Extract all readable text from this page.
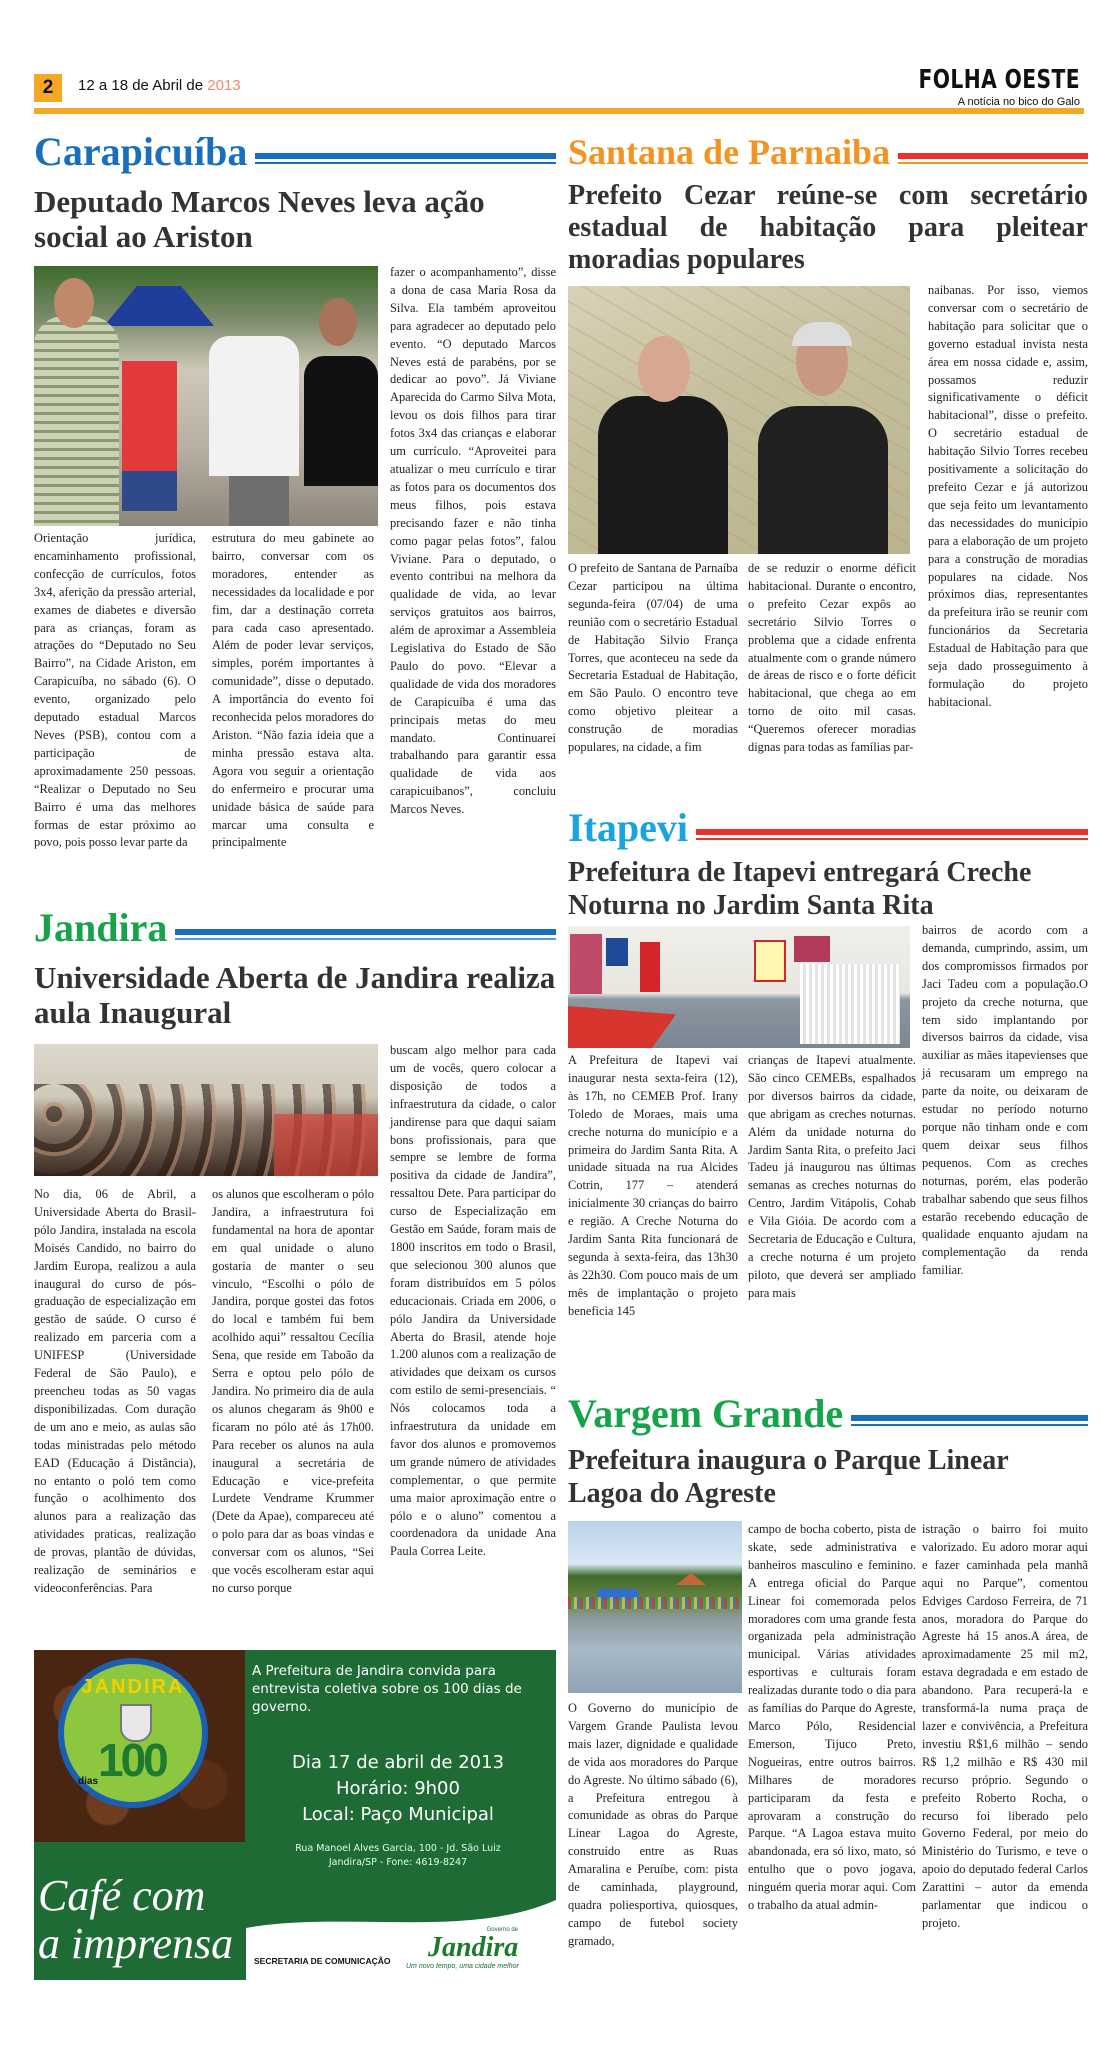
2	12 a 18 de Abril de 2013	FOLHA OESTE
A notícia no bico do Galo
Carapicuíba
Deputado Marcos Neves leva ação social ao Ariston
Orientação jurídica, encaminhamento profissional, confecção de currículos, fotos 3x4, aferição da pressão arterial, exames de diabetes e diversão para as crianças, foram as atrações do “Deputado no Seu Bairro”, na Cidade Ariston, em Carapicuíba, no sábado (6). O evento, organizado pelo deputado estadual Marcos Neves (PSB), contou com a participação de aproximadamente 250 pessoas. “Realizar o Deputado no Seu Bairro é uma das melhores formas de estar próximo ao povo, pois posso levar parte da
estrutura do meu gabinete ao bairro, conversar com os moradores, entender as necessidades da localidade e por fim, dar a destinação correta para cada caso apresentado. Além de poder levar serviços, simples, porém importantes à comunidade”, disse o deputado. A importância do evento foi reconhecida pelos moradores do Ariston. “Não fazia ideia que a minha pressão estava alta. Agora vou seguir a orientação do enfermeiro e procurar uma unidade básica de saúde para marcar uma consulta e principalmente
fazer o acompanhamento”, disse a dona de casa Maria Rosa da Silva. Ela também aproveitou para agradecer ao deputado pelo evento. “O deputado Marcos Neves está de parabéns, por se dedicar ao povo”. Já Viviane Aparecida do Carmo Silva Mota, levou os dois filhos para tirar fotos 3x4 das crianças e elaborar um currículo. “Aproveitei para atualizar o meu currículo e tirar as fotos para os documentos dos meus filhos, pois estava precisando fazer e não tinha como pagar pelas fotos”, falou Viviane. Para o deputado, o evento contribui na melhora da qualidade de vida, ao levar serviços gratuitos aos bairros, além de aproximar a Assembleia Legislativa do Estado de São Paulo do povo. “Elevar a qualidade de vida dos moradores de Carapicuíba é uma das principais metas do meu mandato. Continuarei trabalhando para garantir essa qualidade de vida aos carapicuibanos”, concluiu Marcos Neves.
Santana de Parnaiba
Prefeito Cezar reúne-se com secretário estadual de habitação para pleitear moradias populares
O prefeito de Santana de Parnaíba Cezar participou na última segunda-feira (07/04) de uma reunião com o secretário Estadual de Habitação Silvio França Torres, que aconteceu na sede da Secretaria Estadual de Habitação, em São Paulo. O encontro teve como objetivo pleitear a construção de moradias populares, na cidade, a fim
de se reduzir o enorme déficit habitacional. Durante o encontro, o prefeito Cezar expôs ao secretário Silvio Torres o problema que a cidade enfrenta atualmente com o grande número de áreas de risco e o forte déficit habitacional, que chega ao em torno de oito mil casas. “Queremos oferecer moradias dignas para todas as famílias par-
naibanas. Por isso, viemos conversar com o secretário de habitação para solicitar que o governo estadual invista nesta área em nossa cidade e, assim, possamos reduzir significativamente o déficit habitacional”, disse o prefeito. O secretário estadual de habitação Silvio Torres recebeu positivamente a solicitação do prefeito Cezar e já autorizou que seja feito um levantamento das necessidades do município para a elaboração de um projeto para a construção de moradias populares na cidade. Nos próximos dias, representantes da prefeitura irão se reunir com funcionários da Secretaria Estadual de Habitação para que seja dado prosseguimento à formulação do projeto habitacional.
Itapevi
Prefeitura de Itapevi entregará Creche Noturna no Jardim Santa Rita
A Prefeitura de Itapevi vai inaugurar nesta sexta-feira (12), às 17h, no CEMEB Prof. Irany Toledo de Moraes, mais uma creche noturna do município e a primeira do Jardim Santa Rita. A unidade situada na rua Alcides Cotrin, 177 – atenderá inicialmente 30 crianças do bairro e região. A Creche Noturna do Jardim Santa Rita funcionará de segunda à sexta-feira, das 13h30 às 22h30. Com pouco mais de um mês de implantação o projeto beneficia 145
crianças de Itapevi atualmente. São cinco CEMEBs, espalhados por diversos bairros da cidade, que abrigam as creches noturnas. Além da unidade noturna do Jardim Santa Rita, o prefeito Jaci Tadeu já inaugurou nas últimas semanas as creches noturnas do Centro, Jardim Vitápolis, Cohab e Vila Gióia. De acordo com a Secretaria de Educação e Cultura, a creche noturna é um projeto piloto, que deverá ser ampliado para mais
bairros de acordo com a demanda, cumprindo, assim, um dos compromissos firmados por Jaci Tadeu com a população.O projeto da creche noturna, que tem sido implantando por diversos bairros da cidade, visa auxiliar as mães itapevienses que já recusaram um emprego na parte da noite, ou deixaram de estudar no período noturno porque não tinham onde e com quem deixar seus filhos pequenos. Com as creches noturnas, porém, elas poderão trabalhar sabendo que seus filhos estarão recebendo educação de qualidade enquanto ajudam na complementação da renda familiar.
Jandira
Universidade Aberta de Jandira realiza aula Inaugural
No dia, 06 de Abril, a Universidade Aberta do Brasil-pólo Jandira, instalada na escola Moisés Candido, no bairro do Jardim Europa, realizou a aula inaugural do curso de pós-graduação de especialização em gestão de saúde. O curso é realizado em parceria com a UNIFESP (Universidade Federal de São Paulo), e preencheu todas as 50 vagas disponibilizadas. Com duração de um ano e meio, as aulas são todas ministradas pelo método EAD (Educação á Distância), no entanto o poló tem como função o acolhimento dos alunos para a realização das atividades praticas, realização de provas, plantão de dúvidas, realização de seminários e videoconferências. Para
os alunos que escolheram o pólo Jandira, a infraestrutura foi fundamental na hora de apontar em qual unidade o aluno gostaria de manter o seu vinculo, “Escolhi o pólo de Jandira, porque gostei das fotos do local e também fui bem acolhido aqui” ressaltou Cecília Sena, que reside em Taboão da Serra e optou pelo pólo de Jandira. No primeiro dia de aula os alunos chegaram ás 9h00 e ficaram no pólo até ás 17h00. Para receber os alunos na aula inaugural a secretária de Educação e vice-prefeita Lurdete Vendrame Krummer (Dete da Apae), compareceu até o polo para dar as boas vindas e conversar com os alunos, “Sei que vocês escolheram estar aqui no curso porque
buscam algo melhor para cada um de vocês, quero colocar a disposição de todos a infraestrutura da cidade, o calor jandirense para que daqui saiam bons profissionais, para que sempre se lembre de forma positiva da cidade de Jandira”, ressaltou Dete. Para participar do curso de Especialização em Gestão em Saúde, foram mais de 1800 inscritos em todo o Brasil, que selecionou 300 alunos que foram distribuídos em 5 pólos educacionais. Criada em 2006, o pólo Jandira da Universidade Aberta do Brasil, atende hoje 1.200 alunos com a realização de atividades que deixam os cursos com estilo de semi-presenciais. “ Nós colocamos toda a infraestrutura da unidade em favor dos alunos e promovemos um grande número de atividades complementar, o que permite uma maior aproximação entre o pólo e o aluno” comentou a coordenadora da unidade Ana Paula Correa Leite.
JANDIRA
100
dias
A Prefeitura de Jandira convida para entrevista coletiva sobre os 100 dias de governo.
Dia 17 de abril de 2013
Horário: 9h00
Local: Paço Municipal
Rua Manoel Alves Garcia, 100 - Jd. São Luiz
Jandira/SP - Fone: 4619-8247
Café com
a imprensa	SECRETARIA DE COMUNICAÇÃO
Governo de
Jandira
Um novo tempo, uma cidade melhor
Vargem Grande
Prefeitura inaugura o Parque Linear Lagoa do Agreste
O Governo do município de Vargem Grande Paulista levou mais lazer, dignidade e qualidade de vida aos moradores do Parque do Agreste. No último sábado (6), a Prefeitura entregou à comunidade as obras do Parque Linear Lagoa do Agreste, construído entre as Ruas Amaralina e Peruíbe, com: pista de caminhada, playground, quadra poliesportiva, quiosques, campo de futebol society gramado,
campo de bocha coberto, pista de skate, sede administrativa e banheiros masculino e feminino. A entrega oficial do Parque Linear foi comemorada pelos moradores com uma grande festa organizada pela administração municipal. Várias atividades esportivas e culturais foram realizadas durante todo o dia para as famílias do Parque do Agreste, Marco Pólo, Residencial Emerson, Tijuco Preto, Nogueiras, entre outros bairros. Milhares de moradores participaram da festa e aprovaram a construção do Parque. “A Lagoa estava muito abandonada, era só lixo, mato, só entulho que o povo jogava, ninguém queria morar aqui. Com o trabalho da atual admin-
istração o bairro foi muito valorizado. Eu adoro morar aqui e fazer caminhada pela manhã aqui no Parque”, comentou Edviges Cardoso Ferreira, de 71 anos, moradora do Parque do Agreste há 15 anos.A área, de aproximadamente 25 mil m2, estava degradada e em estado de abandono. Para recuperá-la e transformá-la numa praça de lazer e convivência, a Prefeitura investiu R$1,6 milhão – sendo R$ 1,2 milhão e R$ 430 mil recurso próprio. Segundo o prefeito Roberto Rocha, o recurso foi liberado pelo Governo Federal, por meio do Ministério do Turismo, e teve o apoio do deputado federal Carlos Zarattini – autor da emenda parlamentar que indicou o projeto.
